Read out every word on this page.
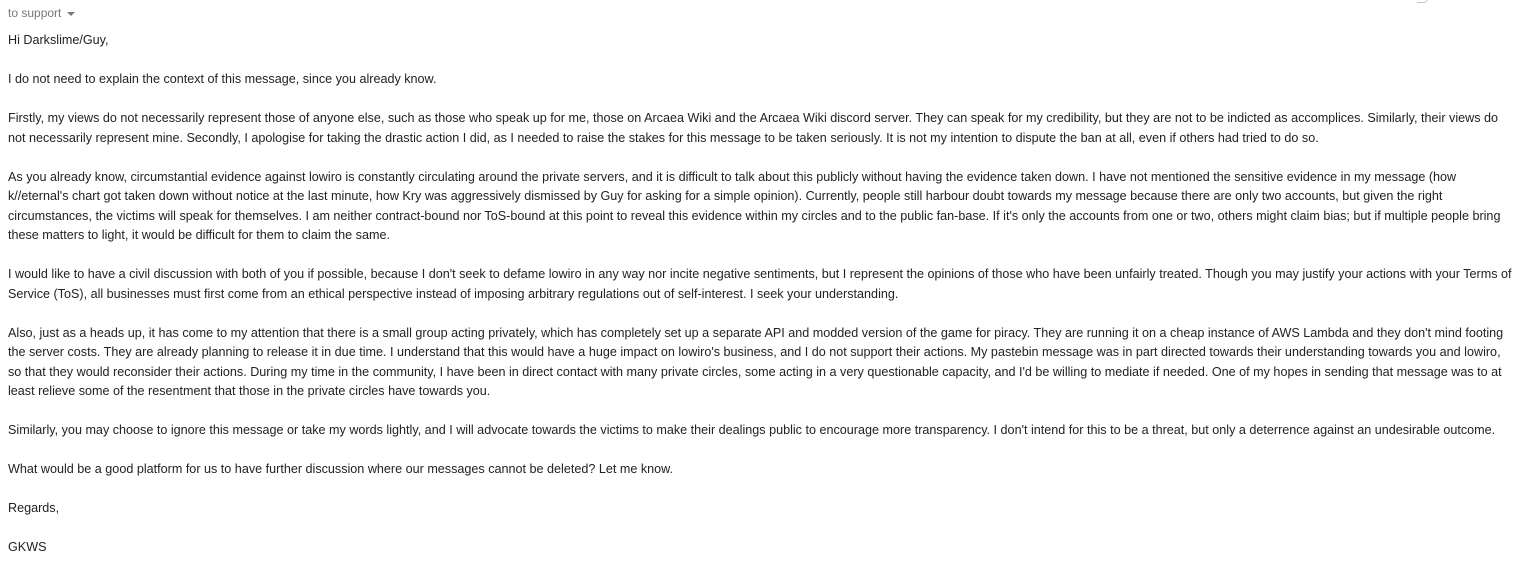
to support

Hi Darkslime/Guy,

I do not need to explain the context of this message, since you already know.

Firstly, my views do not necessarily represent those of anyone else, such as those who speak up for me, those on Arcaea Wiki and the Arcaea Wiki discord server. They can speak for my credibility, but they are not to be indicted as accomplices. Similarly, their views do not necessarily represent mine. Secondly, I apologise for taking the drastic action I did, as I needed to raise the stakes for this message to be taken seriously. It is not my intention to dispute the ban at all, even if others had tried to do so.

As you already know, circumstantial evidence against lowiro is constantly circulating around the private servers, and it is difficult to talk about this publicly without having the evidence taken down. I have not mentioned the sensitive evidence in my message (how k//eternal's chart got taken down without notice at the last minute, how Kry was aggressively dismissed by Guy for asking for a simple opinion). Currently, people still harbour doubt towards my message because there are only two accounts, but given the right circumstances, the victims will speak for themselves. I am neither contract-bound nor ToS-bound at this point to reveal this evidence within my circles and to the public fan-base. If it's only the accounts from one or two, others might claim bias; but if multiple people bring these matters to light, it would be difficult for them to claim the same.

I would like to have a civil discussion with both of you if possible, because I don't seek to defame lowiro in any way nor incite negative sentiments, but I represent the opinions of those who have been unfairly treated. Though you may justify your actions with your Terms of Service (ToS), all businesses must first come from an ethical perspective instead of imposing arbitrary regulations out of self-interest. I seek your understanding.

Also, just as a heads up, it has come to my attention that there is a small group acting privately, which has completely set up a separate API and modded version of the game for piracy. They are running it on a cheap instance of AWS Lambda and they don't mind footing the server costs. They are already planning to release it in due time. I understand that this would have a huge impact on lowiro's business, and I do not support their actions. My pastebin message was in part directed towards their understanding towards you and lowiro, so that they would reconsider their actions. During my time in the community, I have been in direct contact with many private circles, some acting in a very questionable capacity, and I'd be willing to mediate if needed. One of my hopes in sending that message was to at least relieve some of the resentment that those in the private circles have towards you.

Similarly, you may choose to ignore this message or take my words lightly, and I will advocate towards the victims to make their dealings public to encourage more transparency. I don't intend for this to be a threat, but only a deterrence against an undesirable outcome.

What would be a good platform for us to have further discussion where our messages cannot be deleted? Let me know.

Regards,

GKWS
